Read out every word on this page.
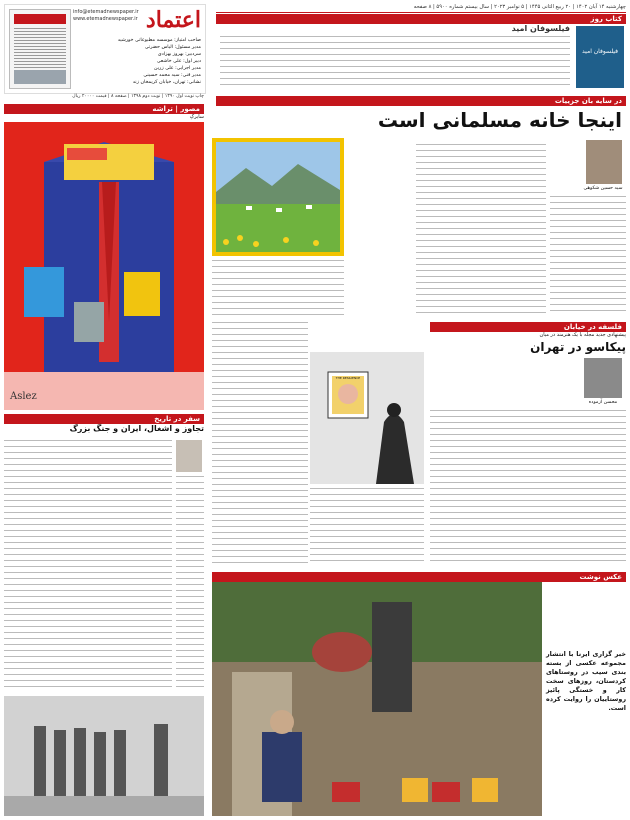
اعتماد
info@etemadnewspaper.ir
www.etemadnewspaper.ir
صاحب امتیاز: موسسه مطبوعاتی خورشید
مدیر مسئول: الیاس حضرتی
سردبیر: بهروز بهزادی
دبیر اول: علی خاشعی
مدیر اجرایی: علی زرین
مدیر فنی: سید محمد حسینی
نشانی: تهران، خیابان کریمخان زند
چاپ نوبت اول ۱۳۹۰ | نوبت دوم ۱۳۹۸ | صفحه ۸ | قیمت ۲۰۰۰۰ ریال
چهارشنبه ۱۴ آبان ۱۴۰۲ | ۲۰ ربیع الثانی ۱۴۴۵ | ۵ نوامبر ۲۰۲۳ | سال بیستم شماره ۵۹۰۰ | ۸ صفحه
مصور | تراشه
سایرکِ
Aslez
سفر در تاریخ
تجاوز و اشغال، ایران و جنگ بزرگ
کتاب روز
فیلسوفان امید
فیلسوفان امید
در سایه بان جزییات
اینجا خانه مسلمانی است
سید حسین شکوهی
فلسفه در خیابان
پیشنهادی جدید مجله با یک هنرمند در میان
پیکاسو در تهران
محسن آزموده
THE RESILIENCE
عکس نوشت
خبر گزاری ایرنا با انتشار مجموعه عکسی از بسته بندی سیب در روستاهای کردستان، روزهای سخت کار و خستگی پائیز روستاییان را روایت کرده است.
